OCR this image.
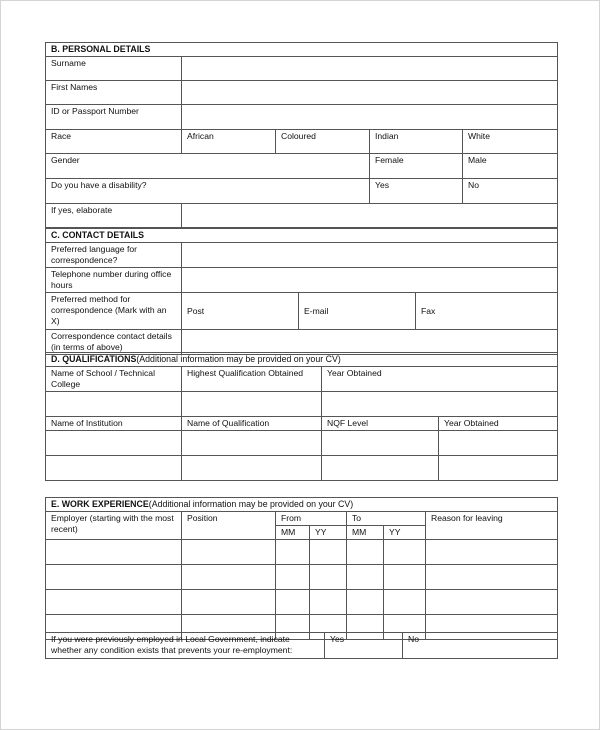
B. PERSONAL DETAILS				
Surname				
First Names				
ID or Passport Number				
Race	African	Coloured	Indian	White
Gender			Female	Male
Do you have a disability?			Yes	No
If yes, elaborate				
C. CONTACT DETAILS			
Preferred language for correspondence?			
Telephone number during office hours			
Preferred method for correspondence (Mark with an X)	Post	E-mail	Fax
Correspondence contact details (in terms of above)			
D. QUALIFICATIONS(Additional information may be provided on your CV)			
Name of School / Technical College	Highest Qualification Obtained	Year Obtained	

Name of Institution	Name of Qualification	NQF Level	Year Obtained

E. WORK EXPERIENCE(Additional information may be provided on your CV)						
Employer (starting with the most recent)	Position	From		To		Reason for leaving
		MM	YY	MM	YY	

If you were previously employed in Local Government, indicate whether any condition exists that prevents your re-employment:	Yes	No
